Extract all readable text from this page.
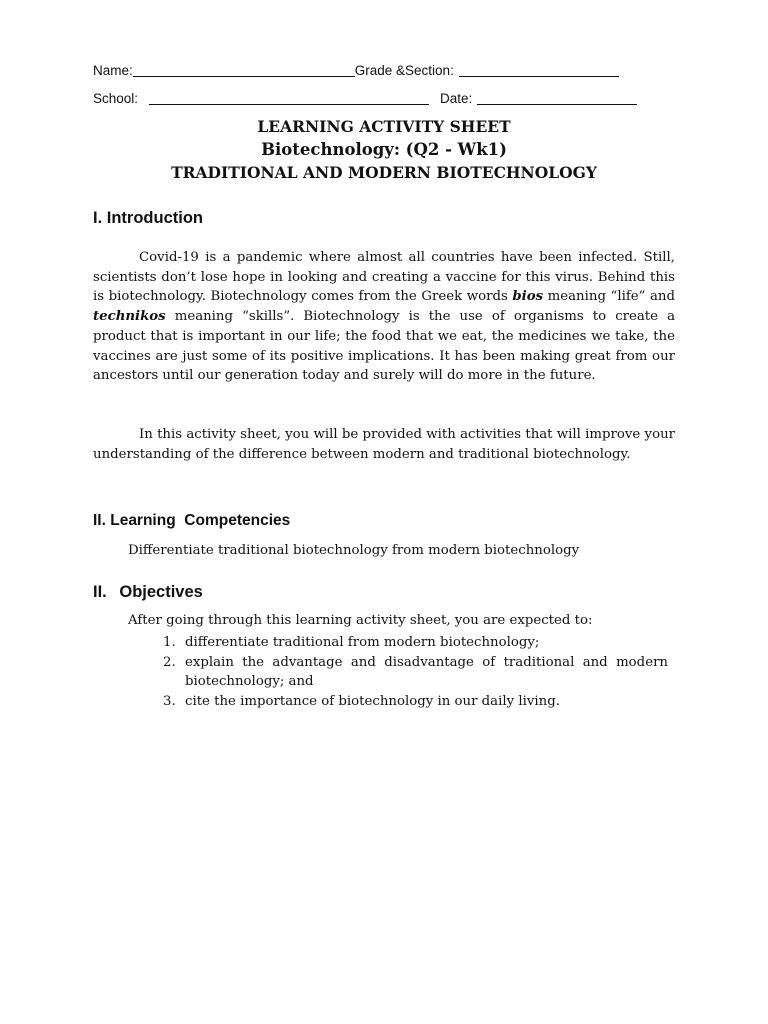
Name:	Grade &Section:
School:	Date:
LEARNING ACTIVITY SHEET
Biotechnology: (Q2 - Wk1)
TRADITIONAL AND MODERN BIOTECHNOLOGY
I. Introduction

Covid-19 is a pandemic where almost all countries have been infected. Still, scientists don’t lose hope in looking and creating a vaccine for this virus. Behind this is biotechnology. Biotechnology comes from the Greek words bios meaning “life” and technikos meaning “skills”. Biotechnology is the use of organisms to create a product that is important in our life; the food that we eat, the medicines we take, the vaccines are just some of its positive implications. It has been making great from our ancestors until our generation today and surely will do more in the future.

In this activity sheet, you will be provided with activities that will improve your understanding of the difference between modern and traditional biotechnology.

II. Learning  Competencies
Differentiate traditional biotechnology from modern biotechnology
II. Objectives
After going through this learning activity sheet, you are expected to:
1. differentiate traditional from modern biotechnology;
2. explain the advantage and disadvantage of traditional and modern biotechnology; and
3. cite the importance of biotechnology in our daily living.
